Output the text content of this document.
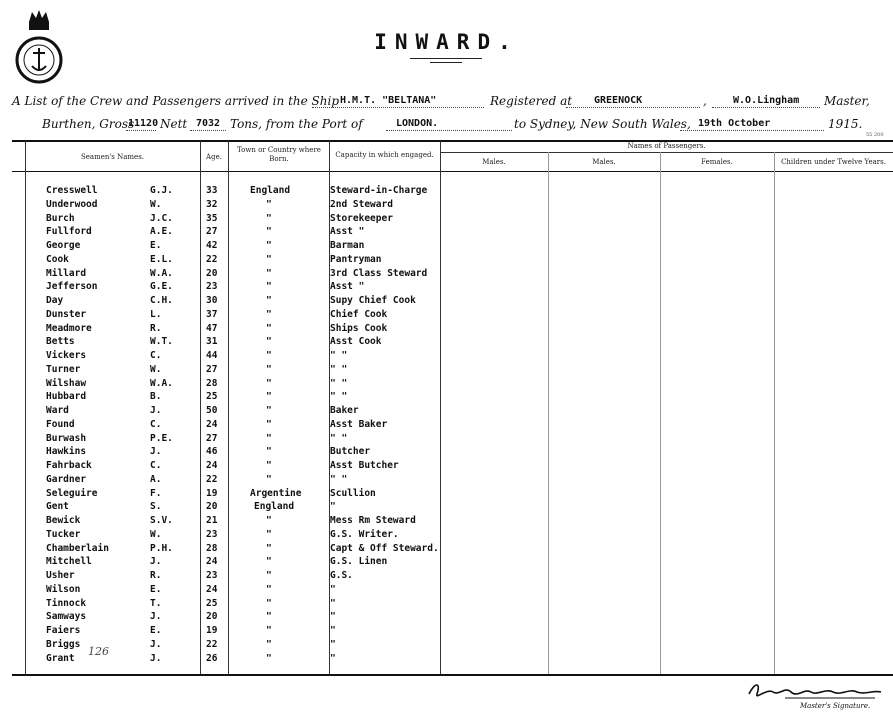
INWARD.
A List of the Crew and Passengers arrived in the Ship H.M.T. "BELTANA"	Registered at GREENOCK	,	W.O.Lingham Master,
Burthen, Gross
11120 Nett 7032 Tons, from the Port of	LONDON.	to Sydney, New South Wales, 19th October	1915.
55 200
Seamen's Names.	Age.
Town or Country where Born.	Capacity in which engaged.
Names of Passengers.
Males.	Males.	Females.	Children under Twelve Years.
Cresswell	G.J.	33	England	Steward-in-Charge
Underwood	W.	32	"	2nd Steward
Burch	J.C.	35	"	Storekeeper
Fullford	A.E.	27	"	Asst "
George	E.	42	"	Barman
Cook	E.L.	22	"	Pantryman
Millard	W.A.	20	"	3rd Class Steward
Jefferson	G.E.	23	"	Asst "
Day	C.H.	30	"	Supy Chief Cook
Dunster	L.	37	"	Chief Cook
Meadmore	R.	47	"	Ships Cook
Betts	W.T.	31	"	Asst Cook
Vickers	C.	44	"	" "
Turner	W.	27	"	" "
Wilshaw	W.A.	28	"	" "
Hubbard	B.	25	"	" "
Ward	J.	50	"	Baker
Found	C.	24	"	Asst Baker
Burwash	P.E.	27	"	" "
Hawkins	J.	46	"	Butcher
Fahrback	C.	24	"	Asst Butcher
Gardner	A.	22	"	" "
Seleguire	F.	19	Argentine	Scullion
Gent	S.	20	England	"
Bewick	S.V.	21	"	Mess Rm Steward
Tucker	W.	23	"	G.S. Writer.
Chamberlain	P.H.	28	"	Capt & Off Steward.
Mitchell	J.	24	"	G.S. Linen
Usher	R.	23	"	G.S.
Wilson	E.	24	"	"
Tinnock	T.	25	"	"
Samways	J.	20	"	"
Faiers	E.	19	"	"
Briggs	J.	22	"	"
Grant	J.	26	"	"
126
Master's Signature.
